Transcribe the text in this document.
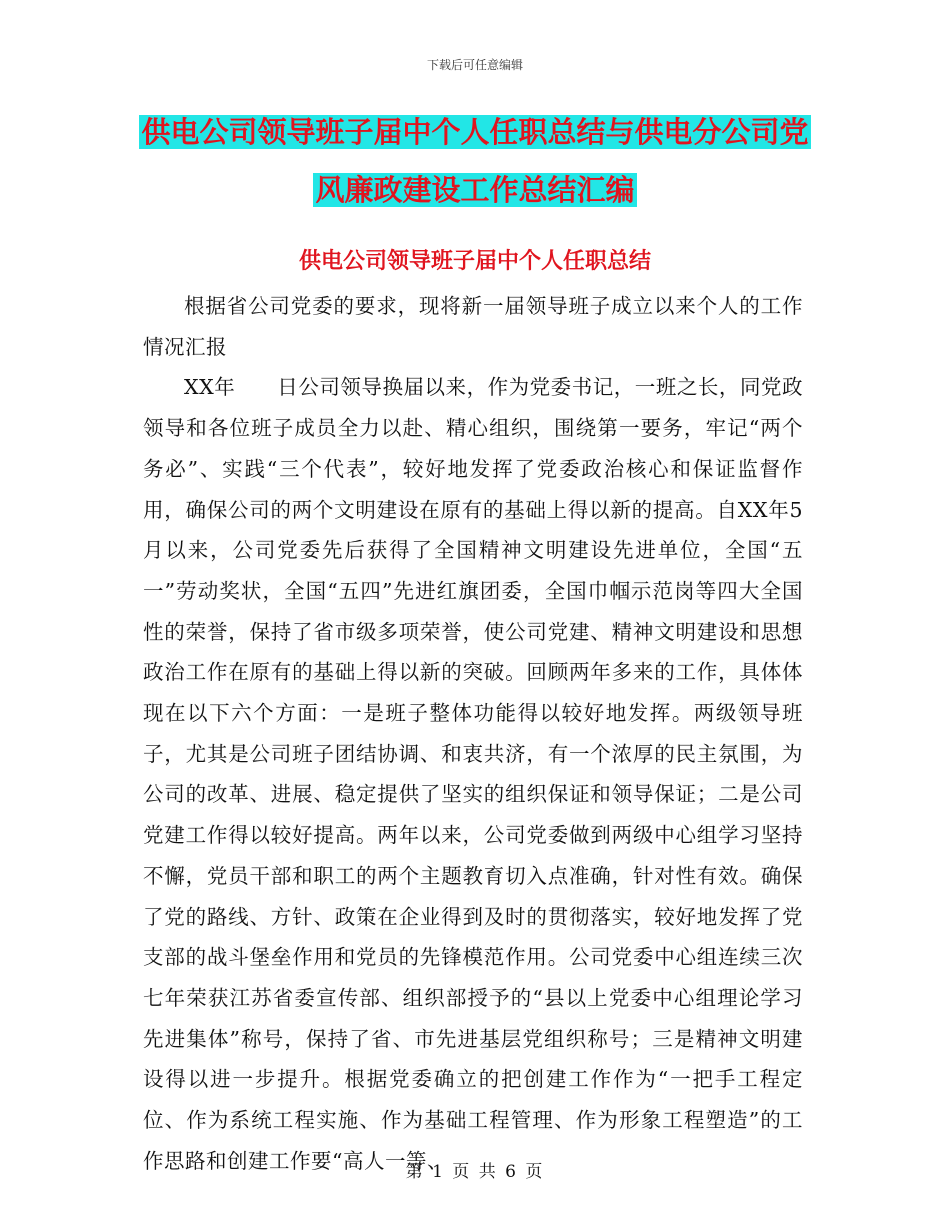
下载后可任意编辑
供电公司领导班子届中个人任职总结与供电分公司党
风廉政建设工作总结汇编
供电公司领导班子届中个人任职总结

根据省公司党委的要求，现将新一届领导班子成立以来个人的工作情况汇报

XX年　　日公司领导换届以来，作为党委书记，一班之长，同党政领导和各位班子成员全力以赴、精心组织，围绕第一要务，牢记“两个务必”、实践“三个代表”，较好地发挥了党委政治核心和保证监督作用，确保公司的两个文明建设在原有的基础上得以新的提高。自XX年5月以来，公司党委先后获得了全国精神文明建设先进单位，全国“五一”劳动奖状，全国“五四”先进红旗团委，全国巾帼示范岗等四大全国性的荣誉，保持了省市级多项荣誉，使公司党建、精神文明建设和思想政治工作在原有的基础上得以新的突破。回顾两年多来的工作，具体体现在以下六个方面：一是班子整体功能得以较好地发挥。两级领导班子，尤其是公司班子团结协调、和衷共济，有一个浓厚的民主氛围，为公司的改革、进展、稳定提供了坚实的组织保证和领导保证；二是公司党建工作得以较好提高。两年以来，公司党委做到两级中心组学习坚持不懈，党员干部和职工的两个主题教育切入点准确，针对性有效。确保了党的路线、方针、政策在企业得到及时的贯彻落实，较好地发挥了党支部的战斗堡垒作用和党员的先锋模范作用。公司党委中心组连续三次七年荣获江苏省委宣传部、组织部授予的“县以上党委中心组理论学习先进集体”称号，保持了省、市先进基层党组织称号；三是精神文明建设得以进一步提升。根据党委确立的把创建工作作为“一把手工程定位、作为系统工程实施、作为基础工程管理、作为形象工程塑造”的工作思路和创建工作要“高人一等、

第 1 页 共 6 页
